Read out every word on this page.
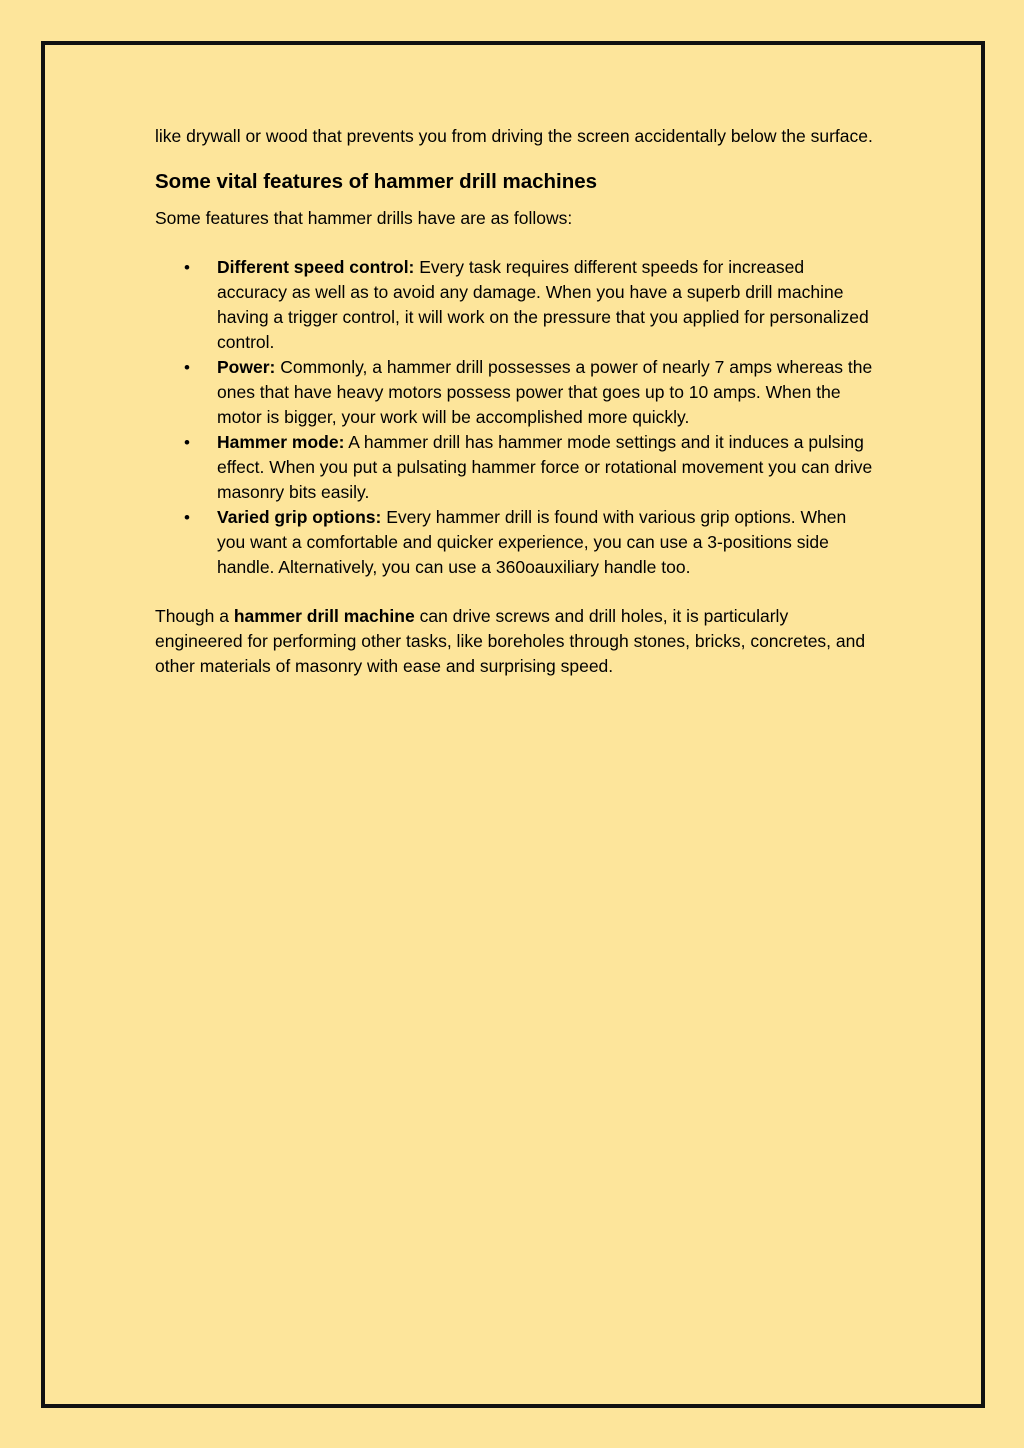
like drywall or wood that prevents you from driving the screen accidentally below the surface.

Some vital features of hammer drill machines

Some features that hammer drills have are as follows:

• Different speed control: Every task requires different speeds for increased accuracy as well as to avoid any damage. When you have a superb drill machine having a trigger control, it will work on the pressure that you applied for personalized control.
• Power: Commonly, a hammer drill possesses a power of nearly 7 amps whereas the ones that have heavy motors possess power that goes up to 10 amps. When the motor is bigger, your work will be accomplished more quickly.
• Hammer mode: A hammer drill has hammer mode settings and it induces a pulsing effect. When you put a pulsating hammer force or rotational movement you can drive masonry bits easily.
• Varied grip options: Every hammer drill is found with various grip options. When you want a comfortable and quicker experience, you can use a 3-positions side handle. Alternatively, you can use a 360oauxiliary handle too.

Though a hammer drill machine can drive screws and drill holes, it is particularly engineered for performing other tasks, like boreholes through stones, bricks, concretes, and other materials of masonry with ease and surprising speed.
